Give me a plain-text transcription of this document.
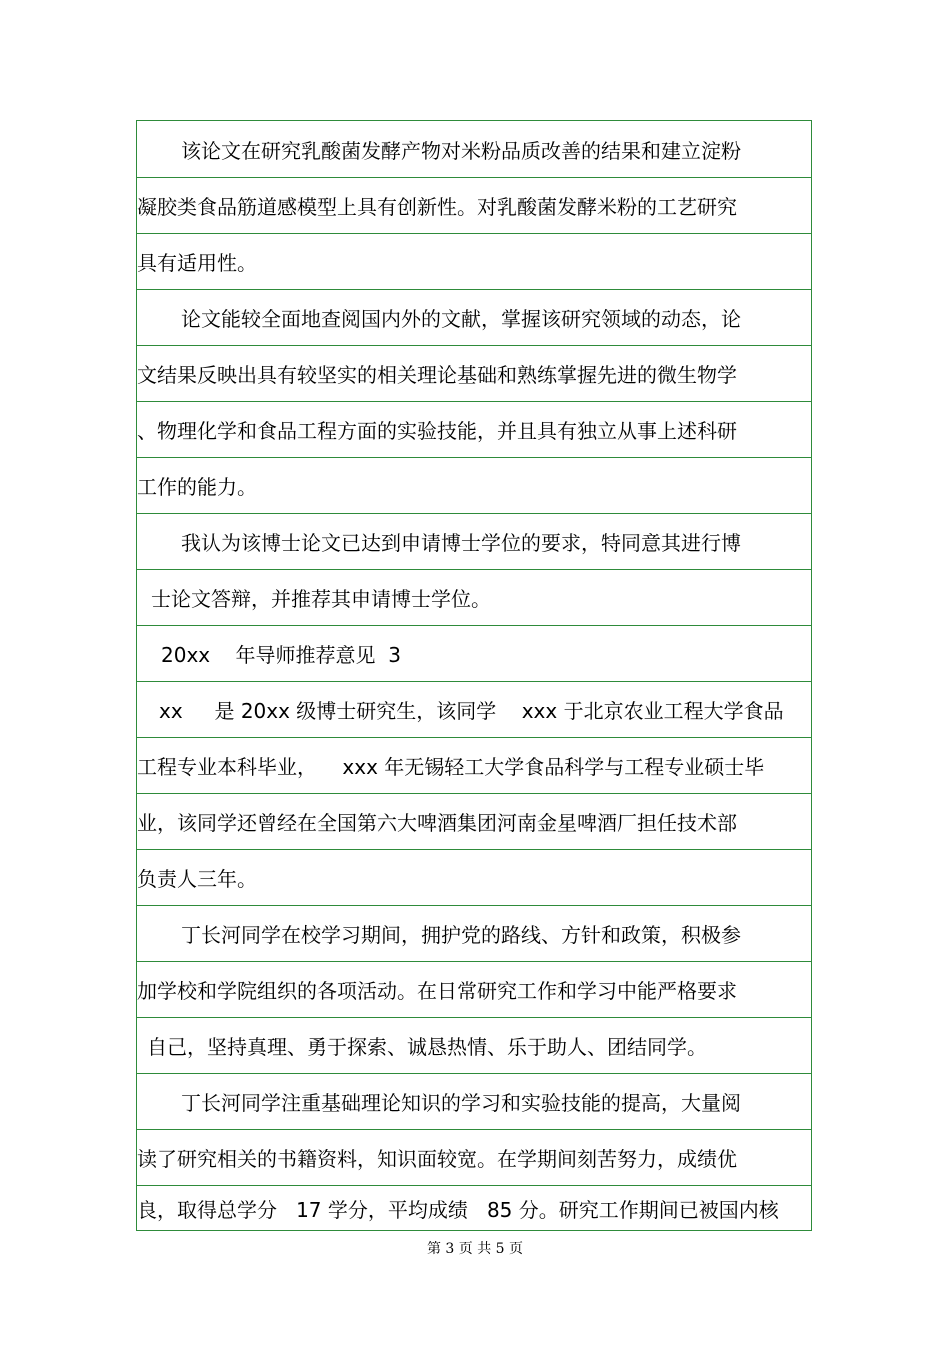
该论文在研究乳酸菌发酵产物对米粉品质改善的结果和建立淀粉
凝胶类食品筋道感模型上具有创新性。对乳酸菌发酵米粉的工艺研究
具有适用性。
论文能较全面地查阅国内外的文献，掌握该研究领域的动态，论
文结果反映出具有较坚实的相关理论基础和熟练掌握先进的微生物学
、物理化学和食品工程方面的实验技能，并且具有独立从事上述科研
工作的能力。
我认为该博士论文已达到申请博士学位的要求，特同意其进行博
士论文答辩，并推荐其申请博士学位。
20xx    年导师推荐意见  3
xx     是 20xx 级博士研究生，该同学    xxx 于北京农业工程大学食品
工程专业本科毕业，    xxx 年无锡轻工大学食品科学与工程专业硕士毕
业，该同学还曾经在全国第六大啤酒集团河南金星啤酒厂担任技术部
负责人三年。
丁长河同学在校学习期间，拥护党的路线、方针和政策，积极参
加学校和学院组织的各项活动。在日常研究工作和学习中能严格要求
自己，坚持真理、勇于探索、诚恳热情、乐于助人、团结同学。
丁长河同学注重基础理论知识的学习和实验技能的提高，大量阅
读了研究相关的书籍资料，知识面较宽。在学期间刻苦努力，成绩优
良，取得总学分   17 学分，平均成绩   85 分。研究工作期间已被国内核
第 3 页 共 5 页
